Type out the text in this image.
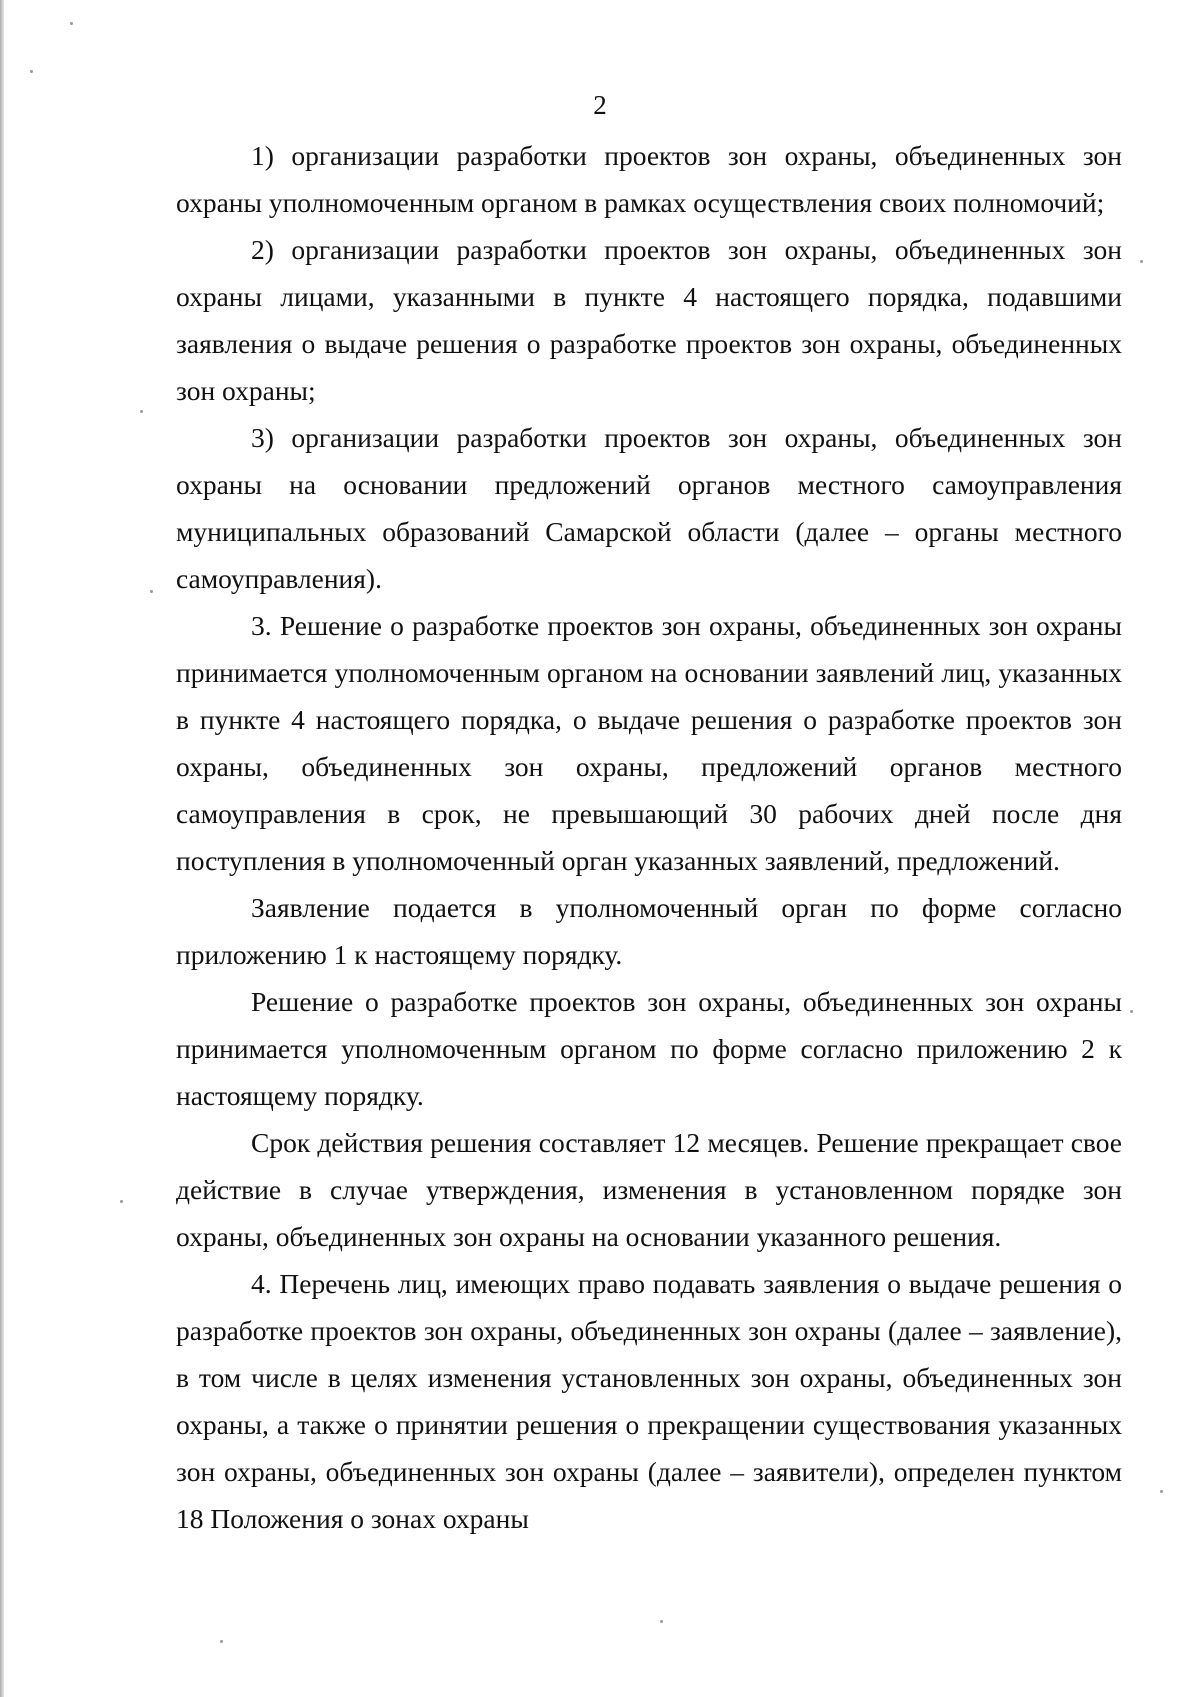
2

1) организации разработки проектов зон охраны, объединенных зон охраны уполномоченным органом в рамках осуществления своих полномочий;

2) организации разработки проектов зон охраны, объединенных зон охраны лицами, указанными в пункте 4 настоящего порядка, подавшими заявления о выдаче решения о разработке проектов зон охраны, объединенных зон охраны;

3) организации разработки проектов зон охраны, объединенных зон охраны на основании предложений органов местного самоуправления муниципальных образований Самарской области (далее – органы местного самоуправления).

3. Решение о разработке проектов зон охраны, объединенных зон охраны принимается уполномоченным органом на основании заявлений лиц, указанных в пункте 4 настоящего порядка, о выдаче решения о разработке проектов зон охраны, объединенных зон охраны, предложений органов местного самоуправления в срок, не превышающий 30 рабочих дней после дня поступления в уполномоченный орган указанных заявлений, предложений.

Заявление подается в уполномоченный орган по форме согласно приложению 1 к настоящему порядку.

Решение о разработке проектов зон охраны, объединенных зон охраны принимается уполномоченным органом по форме согласно приложению 2 к настоящему порядку.

Срок действия решения составляет 12 месяцев. Решение прекращает свое действие в случае утверждения, изменения в установленном порядке зон охраны, объединенных зон охраны на основании указанного решения.

4. Перечень лиц, имеющих право подавать заявления о выдаче решения о разработке проектов зон охраны, объединенных зон охраны (далее – заявление), в том числе в целях изменения установленных зон охраны, объединенных зон охраны, а также о принятии решения о прекращении существования указанных зон охраны, объединенных зон охраны (далее – заявители), определен пунктом 18 Положения о зонах охраны
